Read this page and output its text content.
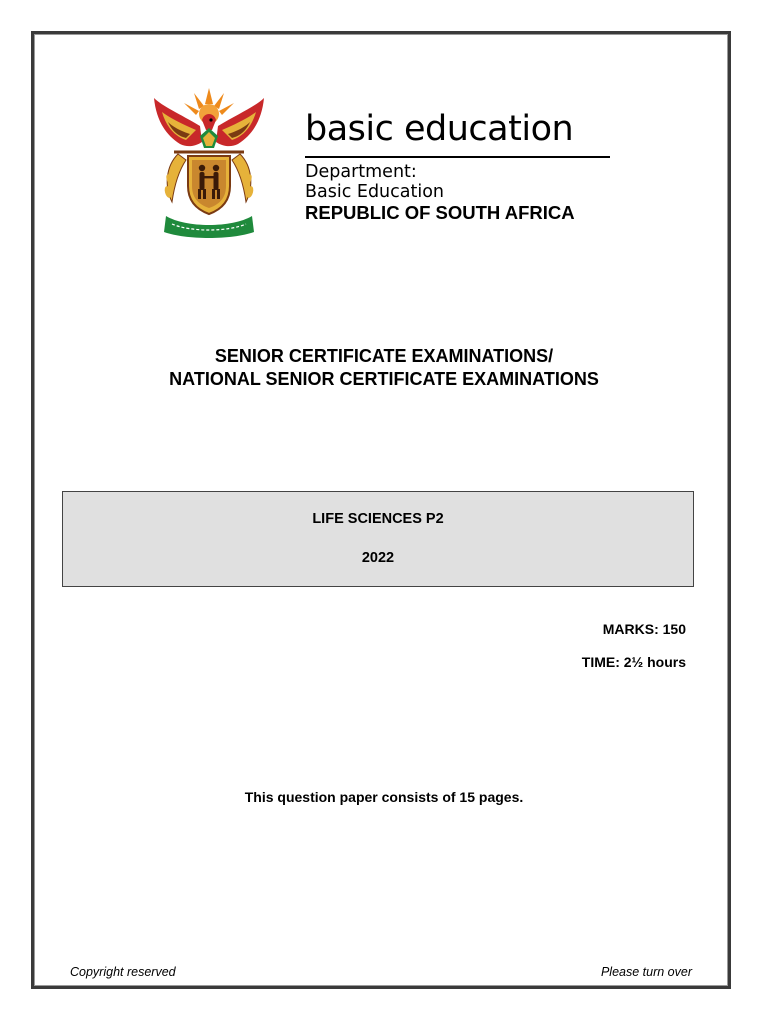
basic education
Department:
Basic Education
REPUBLIC OF SOUTH AFRICA
SENIOR CERTIFICATE EXAMINATIONS/
NATIONAL SENIOR CERTIFICATE EXAMINATIONS
LIFE SCIENCES P2
2022
MARKS: 150
TIME: 2½ hours
This question paper consists of 15 pages.
Copyright reserved	Please turn over
